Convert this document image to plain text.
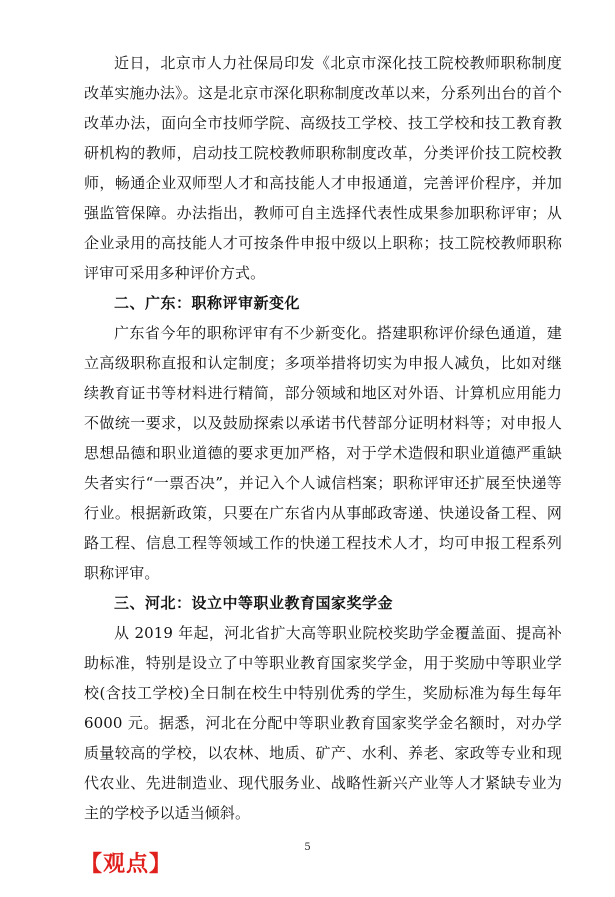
近日，北京市人力社保局印发《北京市深化技工院校教师职称制度改革实施办法》。这是北京市深化职称制度改革以来，分系列出台的首个改革办法，面向全市技师学院、高级技工学校、技工学校和技工教育教研机构的教师，启动技工院校教师职称制度改革，分类评价技工院校教师，畅通企业双师型人才和高技能人才申报通道，完善评价程序，并加强监管保障。办法指出，教师可自主选择代表性成果参加职称评审；从企业录用的高技能人才可按条件申报中级以上职称；技工院校教师职称评审可采用多种评价方式。

二、广东：职称评审新变化

广东省今年的职称评审有不少新变化。搭建职称评价绿色通道，建立高级职称直报和认定制度；多项举措将切实为申报人减负，比如对继续教育证书等材料进行精简，部分领域和地区对外语、计算机应用能力不做统一要求，以及鼓励探索以承诺书代替部分证明材料等；对申报人思想品德和职业道德的要求更加严格，对于学术造假和职业道德严重缺失者实行“一票否决”，并记入个人诚信档案；职称评审还扩展至快递等行业。根据新政策，只要在广东省内从事邮政寄递、快递设备工程、网路工程、信息工程等领域工作的快递工程技术人才，均可申报工程系列职称评审。

三、河北：设立中等职业教育国家奖学金

从 2019 年起，河北省扩大高等职业院校奖助学金覆盖面、提高补助标准，特别是设立了中等职业教育国家奖学金，用于奖励中等职业学校(含技工学校)全日制在校生中特别优秀的学生，奖励标准为每生每年 6000 元。据悉，河北在分配中等职业教育国家奖学金名额时，对办学质量较高的学校，以农林、地质、矿产、水利、养老、家政等专业和现代农业、先进制造业、现代服务业、战略性新兴产业等人才紧缺专业为主的学校予以适当倾斜。

【观点】

5
